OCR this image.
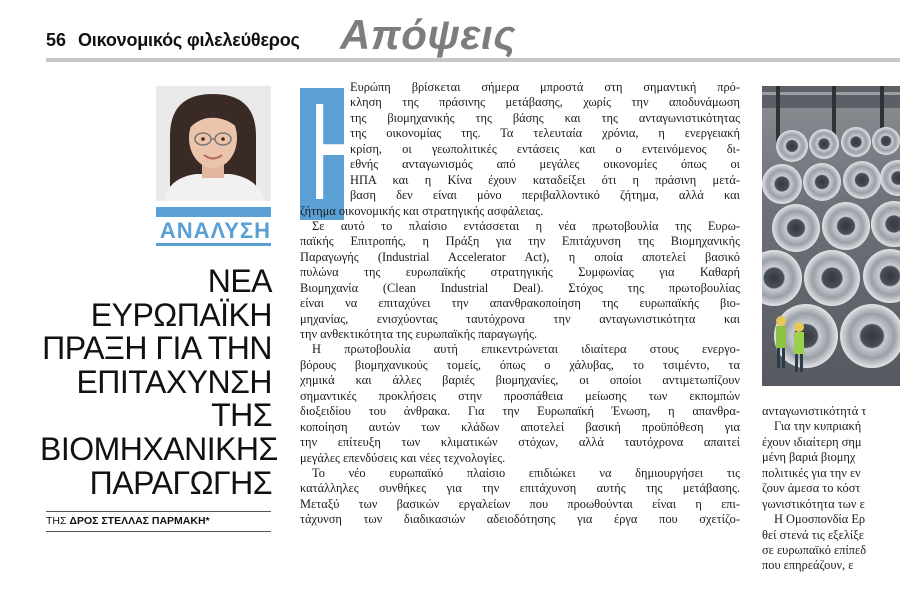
56 Οικονομικός φιλελεύθερος Απόψεις
ΑΝΑΛΥΣΗ
ΝΕΑ
ΕΥΡΩΠΑΪΚΗ
ΠΡΑΞΗ ΓΙΑ ΤΗΝ
ΕΠΙΤΑΧΥΝΣΗ
ΤΗΣ
ΒΙΟΜΗΧΑΝΙΚΗΣ
ΠΑΡΑΓΩΓΗΣ
ΤΗΣ ΔΡΟΣ ΣΤΕΛΛΑΣ ΠΑΡΜΑΚΗ*
Η
Ευρώπη βρίσκεται σήμερα μπροστά στη σημαντική πρό-
κληση της πράσινης μετάβασης, χωρίς την αποδυνάμωση
της βιομηχανικής της βάσης και της ανταγωνιστικότητας
της οικονομίας της. Τα τελευταία χρόνια, η ενεργειακή
κρίση, οι γεωπολιτικές εντάσεις και ο εντεινόμενος δι-
εθνής ανταγωνισμός από μεγάλες οικονομίες όπως οι
ΗΠΑ και η Κίνα έχουν καταδείξει ότι η πράσινη μετά-
βαση δεν είναι μόνο περιβαλλοντικό ζήτημα, αλλά και
ζήτημα οικονομικής και στρατηγικής ασφάλειας.
Σε αυτό το πλαίσιο εντάσσεται η νέα πρωτοβουλία της Ευρω-
παϊκής Επιτροπής, η Πράξη για την Επιτάχυνση της Βιομηχανικής
Παραγωγής (Industrial Accelerator Act), η οποία αποτελεί βασικό
πυλώνα της ευρωπαϊκής στρατηγικής Συμφωνίας για Καθαρή
Βιομηχανία (Clean Industrial Deal). Στόχος της πρωτοβουλίας
είναι να επιταχύνει την απανθρακοποίηση της ευρωπαϊκής βιο-
μηχανίας, ενισχύοντας ταυτόχρονα την ανταγωνιστικότητα και
την ανθεκτικότητα της ευρωπαϊκής παραγωγής.
Η πρωτοβουλία αυτή επικεντρώνεται ιδιαίτερα στους ενεργο-
βόρους βιομηχανικούς τομείς, όπως ο χάλυβας, το τσιμέντο, τα
χημικά και άλλες βαριές βιομηχανίες, οι οποίοι αντιμετωπίζουν
σημαντικές προκλήσεις στην προσπάθεια μείωσης των εκπομπών
διοξειδίου του άνθρακα. Για την Ευρωπαϊκή Ένωση, η απανθρα-
κοποίηση αυτών των κλάδων αποτελεί βασική προϋπόθεση για
την επίτευξη των κλιματικών στόχων, αλλά ταυτόχρονα απαιτεί
μεγάλες επενδύσεις και νέες τεχνολογίες.
Το νέο ευρωπαϊκό πλαίσιο επιδιώκει να δημιουργήσει τις
κατάλληλες συνθήκες για την επιτάχυνση αυτής της μετάβασης.
Μεταξύ των βασικών εργαλείων που προωθούνται είναι η επι-
τάχυνση των διαδικασιών αδειοδότησης για έργα που σχετίζο-
ανταγωνιστικότητά τ
Για την κυπριακή
έχουν ιδιαίτερη σημ
μένη βαριά βιομηχ
πολιτικές για την εν
ζουν άμεσα το κόστ
γωνιστικότητα των ε
Η Ομοσπονδία Ερ
θεί στενά τις εξελίξε
σε ευρωπαϊκό επίπεδ
που επηρεάζουν, ε
